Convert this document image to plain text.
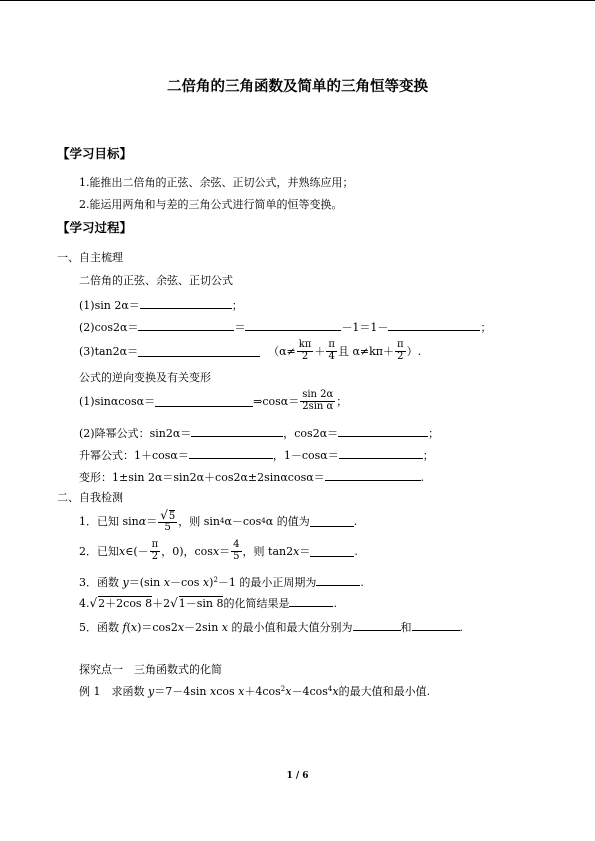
二倍角的三角函数及简单的三角恒等变换
【学习目标】
1.能推出二倍角的正弦、余弦、正切公式，并熟练应用；
2.能运用两角和与差的三角公式进行简单的恒等变换。
【学习过程】
一、自主梳理
二倍角的正弦、余弦、正切公式
(1)sin 2α＝	；
(2)cos2α＝	＝	－1＝1－	；
(3)tan2α＝	（$\alpha\ne \frac{k\pi}{2} + \frac{\pi}{4}$ 且 $\alpha\ne k\pi+ \frac{\pi}{2}$ ）.
公式的逆向变换及有关变形
(1)sinαcosα＝	⇒cosα＝ $\frac{\sin 2\alpha}{\text{2sin α}}$ ；
(2)降幂公式：sin2α＝	，cos2α＝	；
升幂公式：1＋cosα＝	，1－cosα＝	；
变形：1±sin 2α＝sin2α＋cos2α±2sinαcosα＝	.
二、自我检测
1．已知 $\sin \alpha = \frac{√5}{5}$ ，则 sin 4 α－cos 4 α 的值为	.
2．已知 x ∈(－ $\frac{\pi}{2}$ ，0)，$\cos x = \frac{4}{5}$ ，则 tan2 x ＝	.
3．函数 y＝(sin x－cos x)$^2$－1 的最小正周期为	.
4.√2＋2cos 8＋2√1－sin 8的化简结果是	.
5．函数 f(x)＝cos2x－2sin x 的最小值和最大值分别为	和	.
探究点一　三角函数式的化简
例 1　求函数 y＝7－4sin xcos $x+4\cos^2x-4\cos^4x$的最大值和最小值.
1 / 6
